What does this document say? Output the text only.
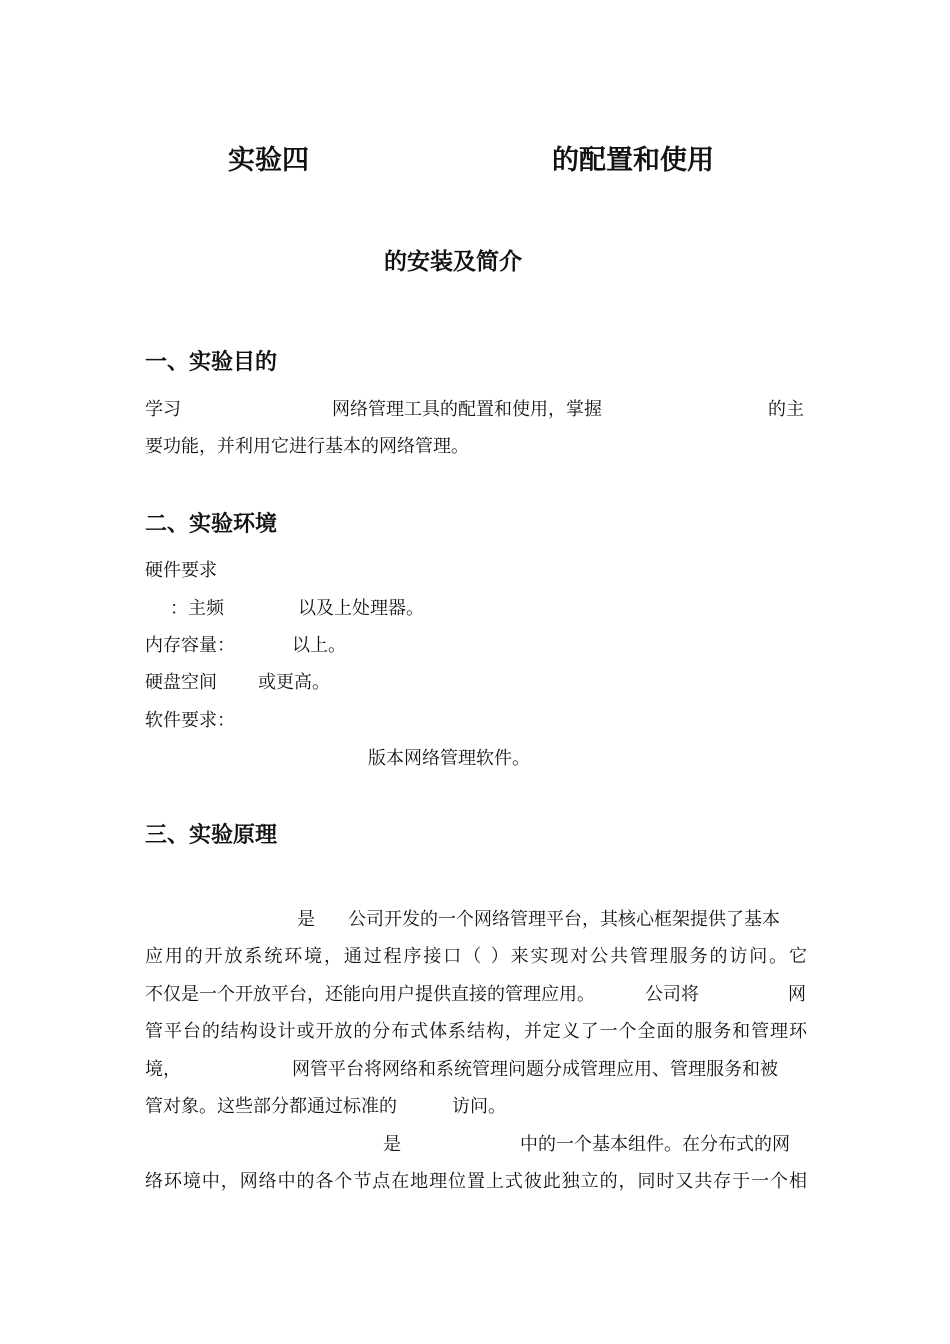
实验四	的配置和使用
的安装及简介
一、实验目的
学习	网络管理工具的配置和使用，掌握	的主
要功能，并利用它进行基本的网络管理。
二、实验环境
硬件要求
：主频	以及上处理器。
内存容量：	以上。
硬盘空间 或更高。
软件要求：
版本网络管理软件。
三、实验原理
是 公司开发的一个网络管理平台，其核心框架提供了基本
应用的开放系统环境，通过程序接口（ ）来实现对公共管理服务的访问。它
不仅是一个开放平台，还能向用户提供直接的管理应用。	公司将	网
管平台的结构设计或开放的分布式体系结构，并定义了一个全面的服务和管理环
境，	网管平台将网络和系统管理问题分成管理应用、管理服务和被
管对象。这些部分都通过标准的	访问。
是	中的一个基本组件。在分布式的网
络环境中，网络中的各个节点在地理位置上式彼此独立的，同时又共存于一个相
